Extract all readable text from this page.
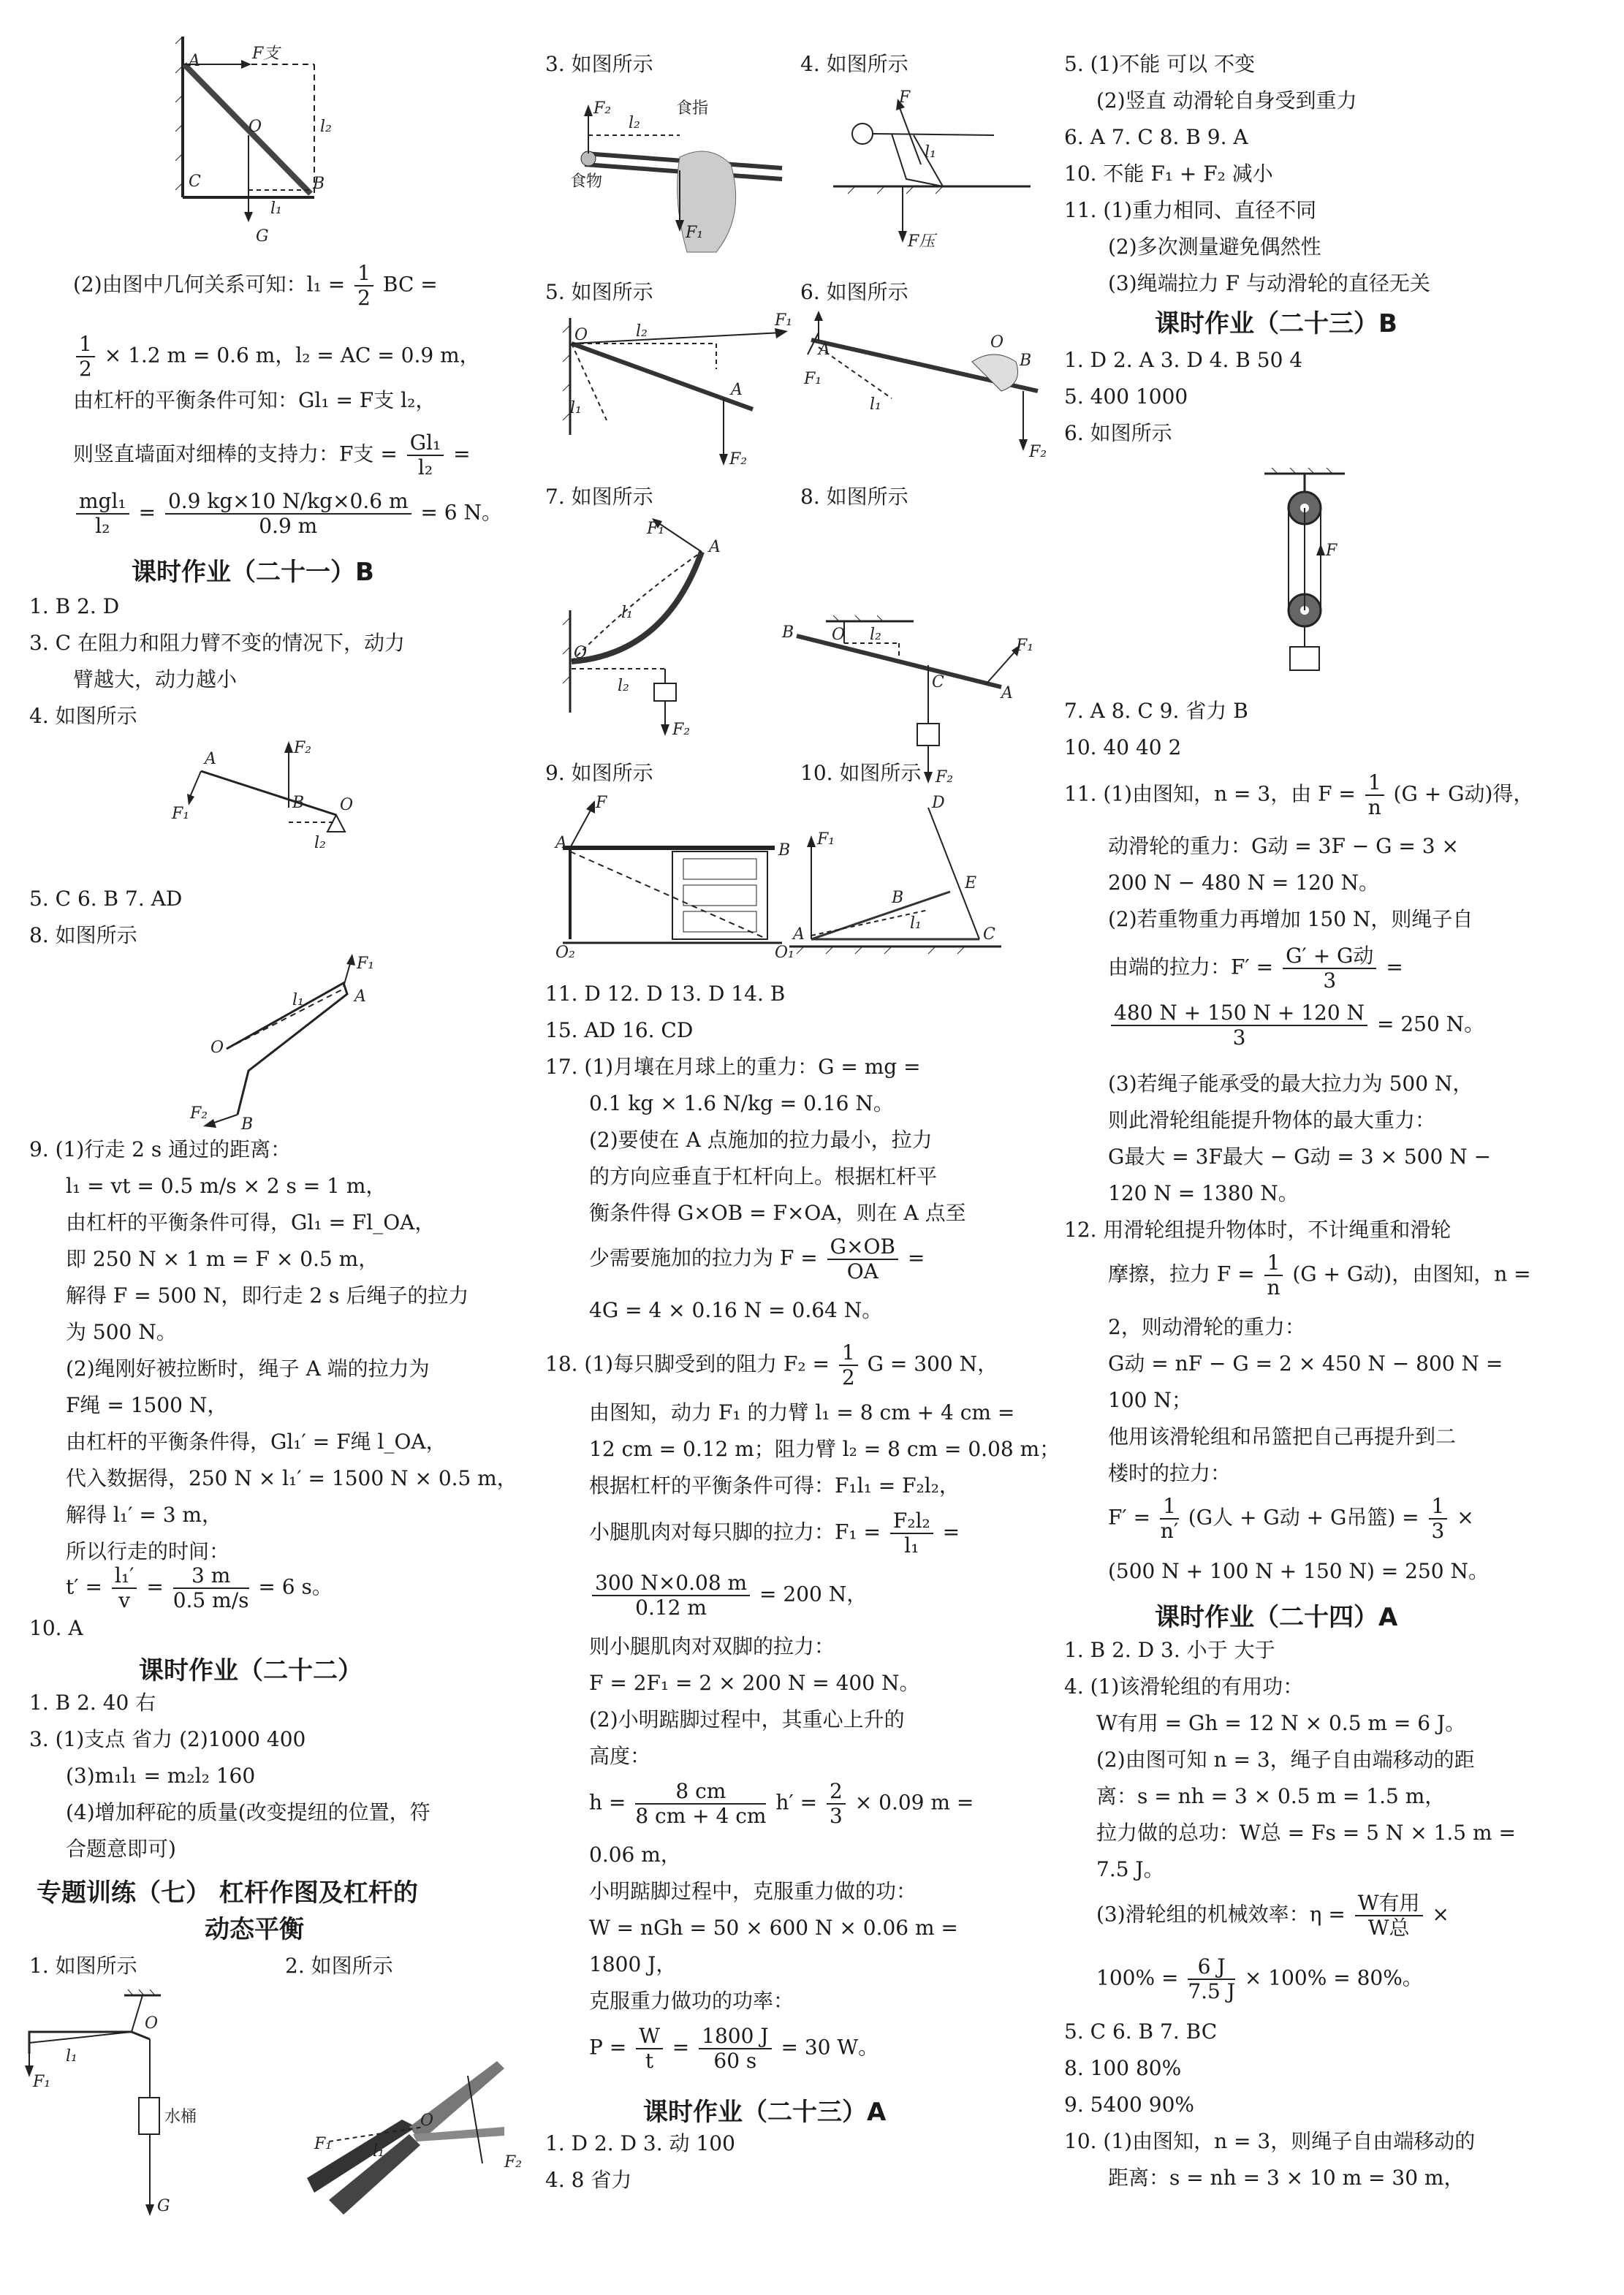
A	F支
O	l₂
C	B
l₁
G
(2)由图中几何关系可知：$l_1 = \frac{1}{2}$ BC =
$\frac{1}{2} \times 1.2$ m = 0.6 m，l₂ = AC = 0.9 m，
由杠杆的平衡条件可知：Gl₁ = F支 l₂，
则竖直墙面对细棒的支持力：F支 = $\frac{\text{Gl₁}}{\text{l₂}}$ =
$\frac{\text{mgl₁}}{\text{l₂}} = \frac{0.9 kg\times 10 N/kg\times 0.6 m}{0.9 m} = 6$ N。
课时作业（二十一）B
1. B 2. D
3. C 在阻力和阻力臂不变的情况下，动力
臂越大，动力越小
4. 如图所示
A
F₂
B O
F₁
l₂
5. C 6. B 7. AD
8. 如图所示
F₁
l₁	A
O
F₂
B
9. (1)行走 2 s 通过的距离：
l₁ = vt = 0.5 m/s × 2 s = 1 m，
由杠杆的平衡条件可得，Gl₁ = Fl_OA，
即 250 N × 1 m = F × 0.5 m，
解得 F = 500 N，即行走 2 s 后绳子的拉力
为 500 N。
(2)绳刚好被拉断时，绳子 A 端的拉力为
F绳 = 1500 N，
由杠杆的平衡条件得，Gl₁′ = F绳 l_OA，
代入数据得，250 N × l₁′ = 1500 N × 0.5 m，
解得 l₁′ = 3 m，
所以行走的时间：
$t' = \frac{\text{l₁′}}{v} = \frac{3 m}{0.5 m/s} = 6$ s。
10. A
课时作业（二十二）
1. B 2. 40 右
3. (1)支点 省力 (2)1000 400
(3)m₁l₁ = m₂l₂ 160
(4)增加秤砣的质量(改变提纽的位置，符
合题意即可)
专题训练（七） 杠杆作图及杠杆的
动态平衡
1. 如图所示	2. 如图所示
O
l₁
F₁
水桶
G
O
F₁	l₁
F₂
3. 如图所示	4. 如图所示
F₂
l₂
食指
食物
F₁
F
l₁
F压
5. 如图所示	6. 如图所示
O	l₂
F₁
A
l₁
F₂
A	O
B
F₁
l₁
F₂
7. 如图所示	8. 如图所示
F₁
A
l₁
O
l₂
F₂
B O l₂
F₁
C
A
F₂
9. 如图所示	10. 如图所示
F
A	B
O₂	O₁
D
F₁
E
B
l₁
A	C
11. D 12. D 13. D 14. B
15. AD 16. CD
17. (1)月壤在月球上的重力：G = mg =
0.1 kg × 1.6 N/kg = 0.16 N。
(2)要使在 A 点施加的拉力最小，拉力
的方向应垂直于杠杆向上。根据杠杆平
衡条件得 G×OB = F×OA，则在 A 点至
少需要施加的拉力为 $F = \frac{G\times OB}{OA}$ =
4G = 4 × 0.16 N = 0.64 N。
18. (1)每只脚受到的阻力 $F_2 = \frac{1}{2}$ G = 300 N，
由图知，动力 F₁ 的力臂 l₁ = 8 cm + 4 cm =
12 cm = 0.12 m；阻力臂 l₂ = 8 cm = 0.08 m；
根据杠杆的平衡条件可得：F₁l₁ = F₂l₂，
小腿肌肉对每只脚的拉力：$F_1 = \frac{\text{F₂l₂}}{\text{l₁}}$ =
$\frac{300 N\times 0.08 m}{0.12 m} = 200$ N，
则小腿肌肉对双脚的拉力：
F = 2F₁ = 2 × 200 N = 400 N。
(2)小明踮脚过程中，其重心上升的
高度：
$h = \frac{8 cm}{8 cm + 4 cm} h' = \frac{2}{3} \times 0.09$ m =
0.06 m，
小明踮脚过程中，克服重力做的功：
W = nGh = 50 × 600 N × 0.06 m =
1800 J，
克服重力做功的功率：
$P = \frac{W}{t} = \frac{1800 J}{60 s} = 30$ W。
课时作业（二十三）A
1. D 2. D 3. 动 100
4. 8 省力
5. (1)不能 可以 不变
(2)竖直 动滑轮自身受到重力
6. A 7. C 8. B 9. A
10. 不能 F₁ + F₂ 减小
11. (1)重力相同、直径不同
(2)多次测量避免偶然性
(3)绳端拉力 F 与动滑轮的直径无关
课时作业（二十三）B
1. D 2. A 3. D 4. B 50 4
5. 400 1000
6. 如图所示
F
7. A 8. C 9. 省力 B
10. 40 40 2
11. (1)由图知，n = 3，由 $F = \frac{1}{n} (G + G$动)得，
动滑轮的重力：G动 = 3F − G = 3 ×
200 N − 480 N = 120 N。
(2)若重物重力再增加 150 N，则绳子自
由端的拉力：$F' = \frac{\text{G′ + G动}}{3}$ =
$\frac{480 N + 150 N + 120 N}{3} = 250$ N。
(3)若绳子能承受的最大拉力为 500 N，
则此滑轮组能提升物体的最大重力：
G最大 = 3F最大 − G动 = 3 × 500 N −
120 N = 1380 N。
12. 用滑轮组提升物体时，不计绳重和滑轮
摩擦，拉力 $F = \frac{1}{n} (G + G$动)，由图知，n =
2，则动滑轮的重力：
G动 = nF − G = 2 × 450 N − 800 N =
100 N；
他用该滑轮组和吊篮把自己再提升到二
楼时的拉力：
$F' = \frac{1}{n'} (G$人 + G动 + G吊篮) = $\frac{1}{3}$ ×
(500 N + 100 N + 150 N) = 250 N。
课时作业（二十四）A
1. B 2. D 3. 小于 大于
4. (1)该滑轮组的有用功：
W有用 = Gh = 12 N × 0.5 m = 6 J。
(2)由图可知 n = 3，绳子自由端移动的距
离：s = nh = 3 × 0.5 m = 1.5 m，
拉力做的总功：W总 = Fs = 5 N × 1.5 m =
7.5 J。
(3)滑轮组的机械效率：$\eta = \frac{\text{W有用}}{\text{W总}}$ ×
$100\% = \frac{6 J}{7.5 J} \times 100\% = 80\%$。
5. C 6. B 7. BC
8. 100 80%
9. 5400 90%
10. (1)由图知，n = 3，则绳子自由端移动的
距离：s = nh = 3 × 10 m = 30 m，
